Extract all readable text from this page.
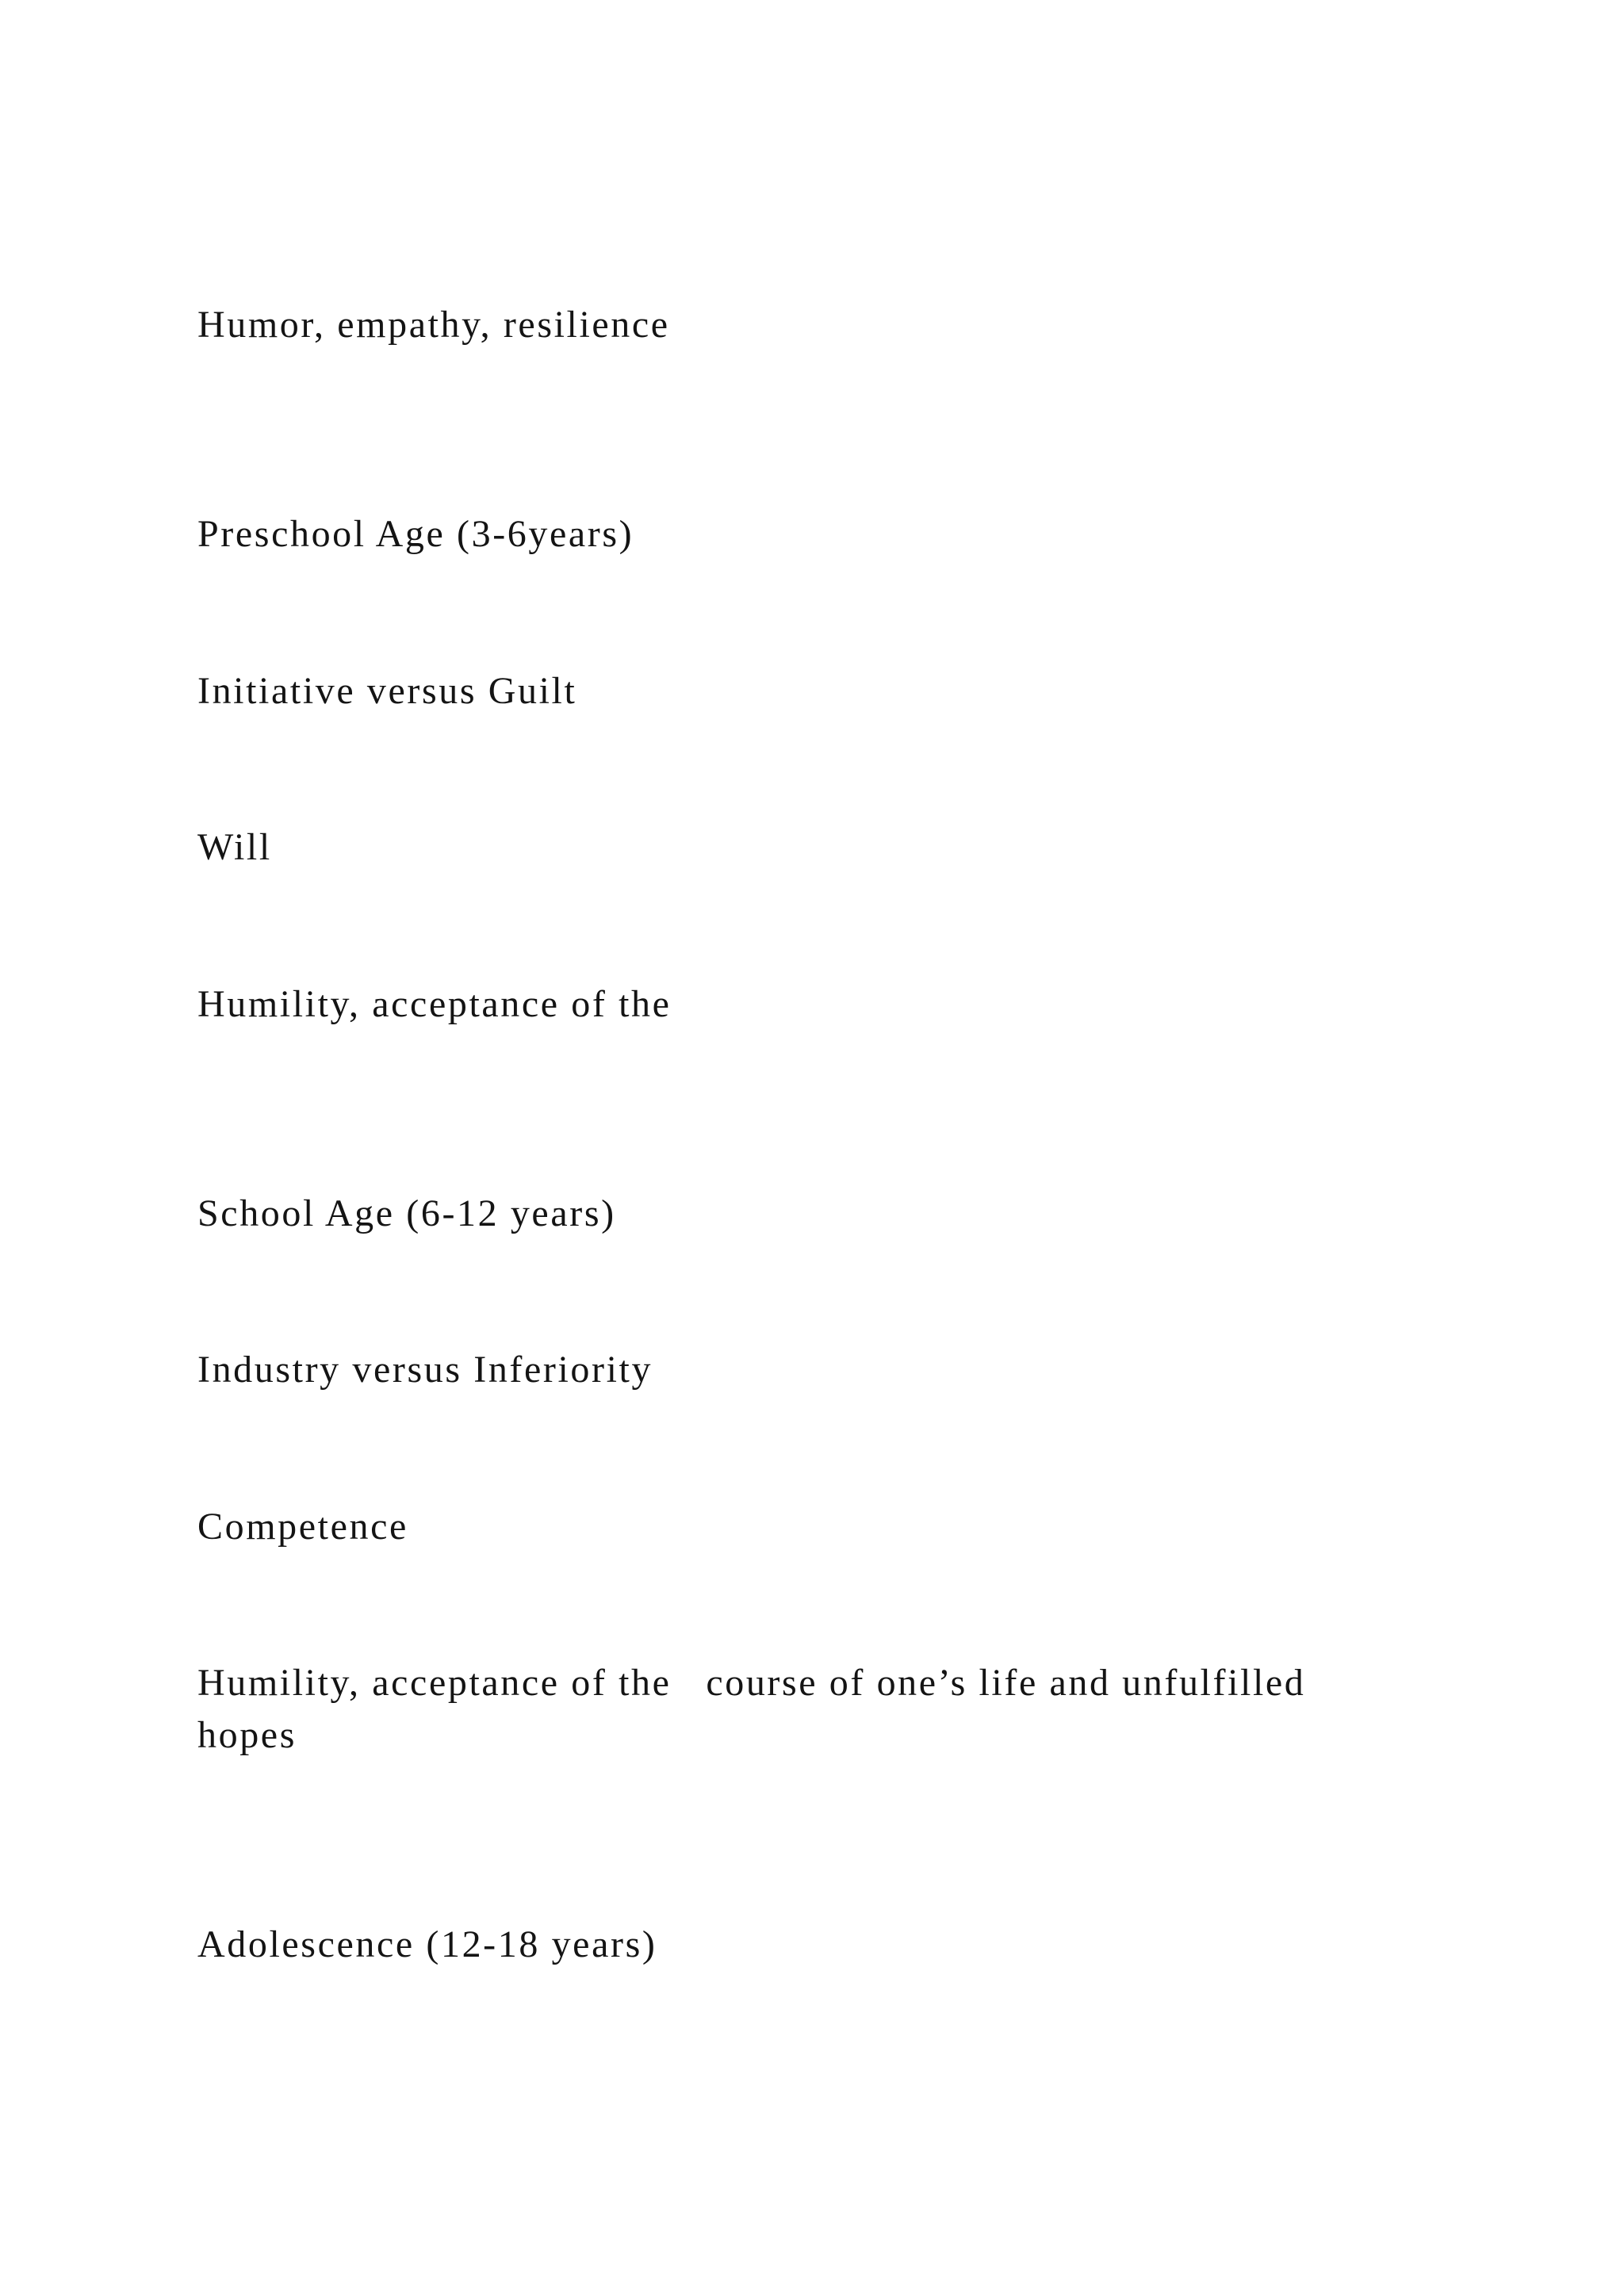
Humor, empathy, resilience

Preschool Age (3-6years)

Initiative versus Guilt

Will

Humility, acceptance of the

School Age (6-12 years)

Industry versus Inferiority

Competence

Humility, acceptance of the   course of one’s life and unfulfilled

hopes

Adolescence (12-18 years)
